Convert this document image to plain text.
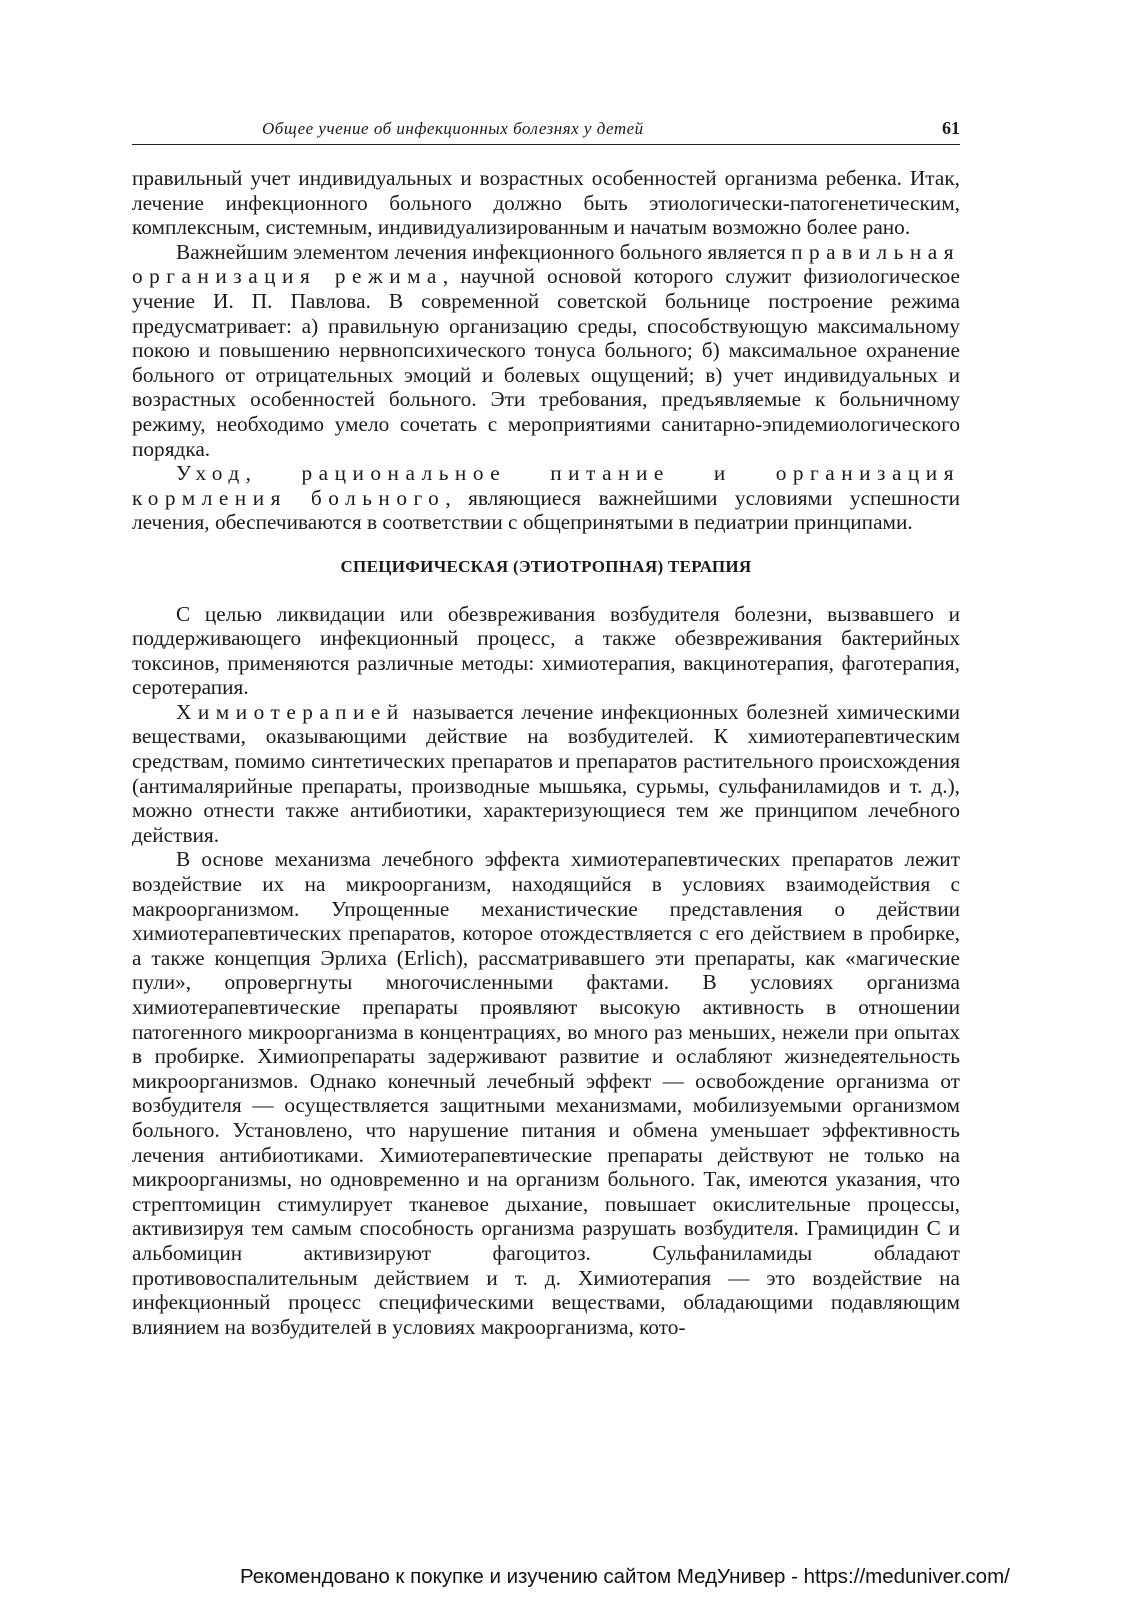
Общее учение об инфекционных болезнях у детей	61

правильный учет индивидуальных и возрастных особенностей организма ребенка. Итак, лечение инфекционного больного должно быть этиологически-патогенетическим, комплексным, системным, индивидуализированным и начатым возможно более рано.

Важнейшим элементом лечения инфекционного больного является правильная организация режима, научной основой которого служит физиологическое учение И. П. Павлова. В современной советской больнице построение режима предусматривает: а) правильную организацию среды, способствующую максимальному покою и повышению нервнопсихического тонуса больного; б) максимальное охранение больного от отрицательных эмоций и болевых ощущений; в) учет индивидуальных и возрастных особенностей больного. Эти требования, предъявляемые к больничному режиму, необходимо умело сочетать с мероприятиями санитарно-эпидемиологического порядка.

Уход, рациональное питание и организация кормления больного, являющиеся важнейшими условиями успешности лечения, обеспечиваются в соответствии с общепринятыми в педиатрии принципами.

СПЕЦИФИЧЕСКАЯ (ЭТИОТРОПНАЯ) ТЕРАПИЯ

С целью ликвидации или обезвреживания возбудителя болезни, вызвавшего и поддерживающего инфекционный процесс, а также обезвреживания бактерийных токсинов, применяются различные методы: химиотерапия, вакцинотерапия, фаготерапия, серотерапия.

Химиотерапией называется лечение инфекционных болезней химическими веществами, оказывающими действие на возбудителей. К химиотерапевтическим средствам, помимо синтетических препаратов и препаратов растительного происхождения (антималярийные препараты, производные мышьяка, сурьмы, сульфаниламидов и т. д.), можно отнести также антибиотики, характеризующиеся тем же принципом лечебного действия.

В основе механизма лечебного эффекта химиотерапевтических препаратов лежит воздействие их на микроорганизм, находящийся в условиях взаимодействия с макроорганизмом. Упрощенные механистические представления о действии химиотерапевтических препаратов, которое отождествляется с его действием в пробирке, а также концепция Эрлиха (Erlich), рассматривавшего эти препараты, как «магические пули», опровергнуты многочисленными фактами. В условиях организма химиотерапевтические препараты проявляют высокую активность в отношении патогенного микроорганизма в концентрациях, во много раз меньших, нежели при опытах в пробирке. Химиопрепараты задерживают развитие и ослабляют жизнедеятельность микроорганизмов. Однако конечный лечебный эффект — освобождение организма от возбудителя — осуществляется защитными механизмами, мобилизуемыми организмом больного. Установлено, что нарушение питания и обмена уменьшает эффективность лечения антибиотиками. Химиотерапевтические препараты действуют не только на микроорганизмы, но одновременно и на организм больного. Так, имеются указания, что стрептомицин стимулирует тканевое дыхание, повышает окислительные процессы, активизируя тем самым способность организма разрушать возбудителя. Грамицидин С и альбомицин активизируют фагоцитоз. Сульфаниламиды обладают противовоспалительным действием и т. д. Химиотерапия — это воздействие на инфекционный процесс специфическими веществами, обладающими подавляющим влиянием на возбудителей в условиях макроорганизма, кото-

Рекомендовано к покупке и изучению сайтом МедУнивер - https://meduniver.com/
